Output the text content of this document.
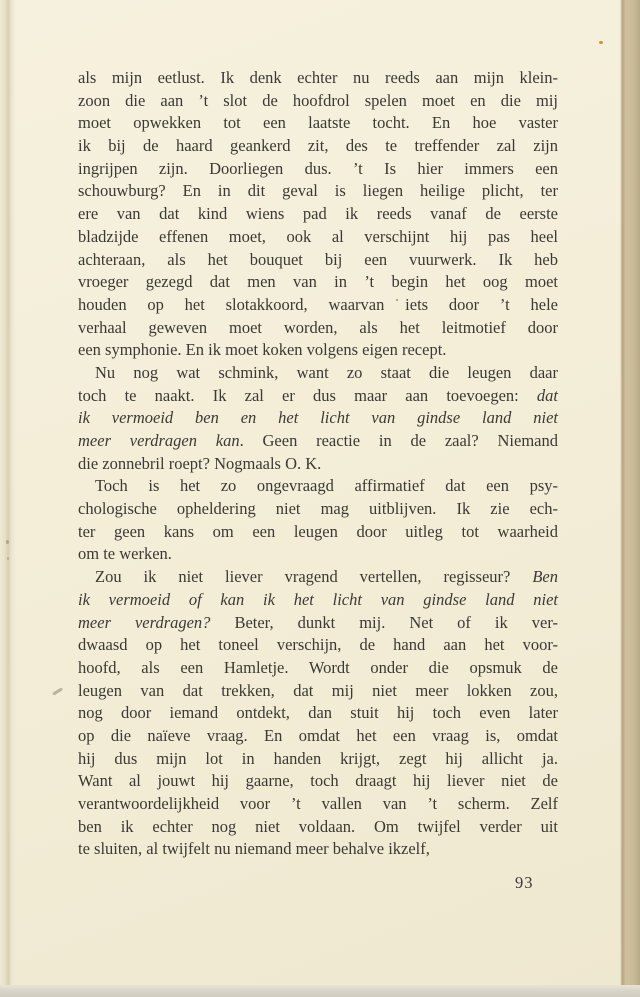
als mijn eetlust. Ik denk echter nu reeds aan mijn klein-
zoon die aan ’t slot de hoofdrol spelen moet en die mij
moet opwekken tot een laatste tocht. En hoe vaster
ik bij de haard geankerd zit, des te treffender zal zijn
ingrijpen zijn. Doorliegen dus. ’t Is hier immers een
schouwburg? En in dit geval is liegen heilige plicht, ter
ere van dat kind wiens pad ik reeds vanaf de eerste
bladzijde effenen moet, ook al verschijnt hij pas heel
achteraan, als het bouquet bij een vuurwerk. Ik heb
vroeger gezegd dat men van in ’t begin het oog moet
houden op het slotakkoord, waarvan iets door ’t hele
verhaal geweven moet worden, als het leitmotief door
een symphonie. En ik moet koken volgens eigen recept.
Nu nog wat schmink, want zo staat die leugen daar
toch te naakt. Ik zal er dus maar aan toevoegen: dat
ik vermoeid ben en het licht van gindse land niet
meer verdragen kan. Geen reactie in de zaal? Niemand
die zonnebril roept? Nogmaals O. K.
Toch is het zo ongevraagd affirmatief dat een psy-
chologische opheldering niet mag uitblijven. Ik zie ech-
ter geen kans om een leugen door uitleg tot waarheid
om te werken.
Zou ik niet liever vragend vertellen, regisseur? Ben
ik vermoeid of kan ik het licht van gindse land niet
meer verdragen? Beter, dunkt mij. Net of ik ver-
dwaasd op het toneel verschijn, de hand aan het voor-
hoofd, als een Hamletje. Wordt onder die opsmuk de
leugen van dat trekken, dat mij niet meer lokken zou,
nog door iemand ontdekt, dan stuit hij toch even later
op die naïeve vraag. En omdat het een vraag is, omdat
hij dus mijn lot in handen krijgt, zegt hij allicht ja.
Want al jouwt hij gaarne, toch draagt hij liever niet de
verantwoordelijkheid voor ’t vallen van ’t scherm. Zelf
ben ik echter nog niet voldaan. Om twijfel verder uit
te sluiten, al twijfelt nu niemand meer behalve ikzelf,
93
